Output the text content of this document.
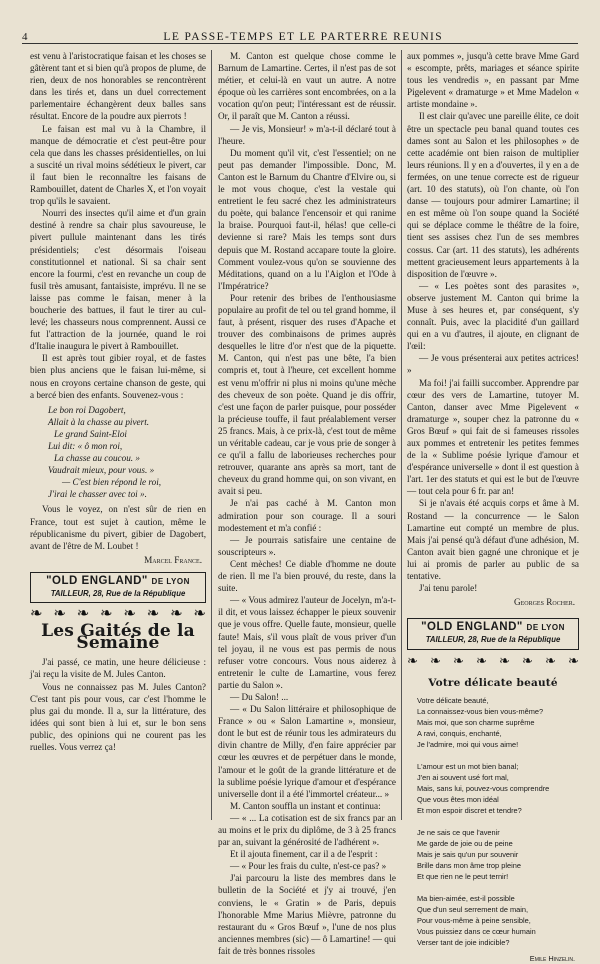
4	LE PASSE-TEMPS ET LE PARTERRE REUNIS

est venu à l'aristocratique faisan et les choses se gâtèrent tant et si bien qu'à propos de plume, de rien, deux de nos honorables se rencontrèrent dans les tirés et, dans un duel correctement parlementaire échangèrent deux balles sans résultat. Encore de la poudre aux pierrots !

Le faisan est mal vu à la Chambre, il manque de démocratie et c'est peut-être pour cela que dans les chasses présidentielles, on lui a suscité un rival moins sédétieux le pivert, car il faut bien le reconnaître les faisans de Rambouillet, datent de Charles X, et l'on voyait trop qu'ils le savaient.

Nourri des insectes qu'il aime et d'un grain destiné à rendre sa chair plus savoureuse, le pivert pullule maintenant dans les tirés présidentiels; c'est désormais l'oiseau constitutionnel et national. Si sa chair sent encore la fourmi, c'est en revanche un coup de fusil très amusant, fantaisiste, imprévu. Il ne se laisse pas comme le faisan, mener à la boucherie des battues, il faut le tirer au cul-levé; les chasseurs nous comprennent. Aussi ce fut l'attraction de la journée, quand le roi d'Italie inaugura le pivert à Rambouillet.

Il est après tout gibier royal, et de fastes bien plus anciens que le faisan lui-même, si nous en croyons certaine chanson de geste, qui a bercé bien des enfants. Souvenez-vous :

Le bon roi Dagobert,
Allait à la chasse au pivert.
Le grand Saint-Eloi
Lui dit: « ô mon roi,
La chasse au coucou. »
Vaudrait mieux, pour vous. »
— C'est bien répond le roi,
J'irai le chasser avec toi ».

Vous le voyez, on n'est sûr de rien en France, tout est sujet à caution, même le républicanisme du pivert, gibier de Dagobert, avant de l'être de M. Loubet !

Marcel France.
"OLD ENGLAND" DE LYON
TAILLEUR, 28, Rue de la République
❧ ❧ ❧ ❧ ❧ ❧ ❧ ❧
Les Gaités de la Semaine

J'ai passé, ce matin, une heure délicieuse : j'ai reçu la visite de M. Jules Canton.

Vous ne connaissez pas M. Jules Canton? C'est tant pis pour vous, car c'est l'homme le plus gai du monde. Il a, sur la littérature, des idées qui sont bien à lui et, sur le bon sens public, des opinions qui ne courent pas les ruelles. Vous verrez ça!

M. Canton est quelque chose comme le Barnum de Lamartine. Certes, il n'est pas de sot métier, et celui-là en vaut un autre. A notre époque où les carrières sont encombrées, on a la vocation qu'on peut; l'intéressant est de réussir. Or, il paraît que M. Canton a réussi.

— Je vis, Monsieur! » m'a-t-il déclaré tout à l'heure.

Du moment qu'il vit, c'est l'essentiel; on ne peut pas demander l'impossible. Donc, M. Canton est le Barnum du Chantre d'Elvire ou, si le mot vous choque, c'est la vestale qui entretient le feu sacré chez les administrateurs du poète, qui balance l'encensoir et qui ranime la braise. Pourquoi faut-il, hélas! que celle-ci devienne si rare? Mais les temps sont durs depuis que M. Rostand accapare toute la gloire. Comment voulez-vous qu'on se souvienne des Méditations, quand on a lu l'Aiglon et l'Ode à l'Impératrice?

Pour retenir des bribes de l'enthousiasme populaire au profit de tel ou tel grand homme, il faut, à présent, risquer des ruses d'Apache et trouver des combinaisons de primes auprès desquelles le litre d'or n'est que de la piquette. M. Canton, qui n'est pas une bête, l'a bien compris et, tout à l'heure, cet excellent homme est venu m'offrir ni plus ni moins qu'une mèche des cheveux de son poète. Quand je dis offrir, c'est une façon de parler puisque, pour posséder la précieuse touffe, il faut préalablement verser 25 francs. Mais, à ce prix-là, c'est tout de même un véritable cadeau, car je vous prie de songer à ce qu'il a fallu de laborieuses recherches pour retrouver, quarante ans après sa mort, tant de cheveux du grand homme qui, on son vivant, en avait si peu.

Je n'ai pas caché à M. Canton mon admiration pour son courage. Il a souri modestement et m'a confié :

— Je pourrais satisfaire une centaine de souscripteurs ».

Cent mèches! Ce diable d'homme ne doute de rien. Il me l'a bien prouvé, du reste, dans la suite.

— « Vous admirez l'auteur de Jocelyn, m'a-t-il dit, et vous laissez échapper le pieux souvenir que je vous offre. Quelle faute, monsieur, quelle faute! Mais, s'il vous plaît de vous priver d'un tel joyau, il ne vous est pas permis de nous refuser votre concours. Vous nous aiderez à entretenir le culte de Lamartine, vous ferez partie du Salon ».

— Du Salon! ...

— « Du Salon littéraire et philosophique de France » ou « Salon Lamartine », monsieur, dont le but est de réunir tous les admirateurs du divin chantre de Milly, d'en faire apprécier par cœur les œuvres et de perpétuer dans le monde, l'amour et le goût de la grande littérature et de la sublime poésie lyrique d'amour et d'espérance universelle dont il a été l'immortel créateur... »

M. Canton souffla un instant et continua:

— « ... La cotisation est de six francs par an au moins et le prix du diplôme, de 3 à 25 francs par an, suivant la générosité de l'adhérent ».

Et il ajouta finement, car il a de l'esprit :

— « Pour les frais du culte, n'est-ce pas? »

J'ai parcouru la liste des membres dans le bulletin de la Société et j'y ai trouvé, j'en conviens, le « Gratin » de Paris, depuis l'honorable Mme Marius Mièvre, patronne du restaurant du « Gros Bœuf », l'une de nos plus anciennes membres (sic) — ô Lamartine! — qui fait de très bonnes rissoles

aux pommes », jusqu'à cette brave Mme Gard « escompte, prêts, mariages et séance spirite tous les vendredis », en passant par Mme Pigelevent « dramaturge » et Mme Madelon « artiste mondaine ».

Il est clair qu'avec une pareille élite, ce doit être un spectacle peu banal quand toutes ces dames sont au Salon et les philosophes » de cette académie ont bien raison de multiplier leurs réunions. Il y en a d'ouvertes, il y en a de fermées, on une tenue correcte est de rigueur (art. 10 des statuts), où l'on chante, où l'on danse — toujours pour admirer Lamartine; il en est même où l'on soupe quand la Société qui se déplace comme le théâtre de la foire, tient ses assises chez l'un de ses membres cossus. Car (art. 11 des statuts), les adhérents mettent gracieusement leurs appartements à la disposition de l'œuvre ».

— « Les poètes sont des parasites », observe justement M. Canton qui brime la Muse à ses heures et, par conséquent, s'y connaît. Puis, avec la placidité d'un gaillard qui en a vu d'autres, il ajoute, en clignant de l'œil:

— Je vous présenterai aux petites actrices! »

Ma foi! j'ai failli succomber. Apprendre par cœur des vers de Lamartine, tutoyer M. Canton, danser avec Mme Pigelevent « dramaturge », souper chez la patronne du « Gros Bœuf » qui fait de si fameuses rissoles aux pommes et entretenir les petites femmes de la « Sublime poésie lyrique d'amour et d'espérance universelle » dont il est question à l'art. 1er des statuts et qui est le but de l'œuvre — tout cela pour 6 fr. par an!

Si je n'avais été acquis corps et âme à M. Rostand — la concurrence — le Salon Lamartine eut compté un membre de plus. Mais j'ai pensé qu'à défaut d'une adhésion, M. Canton avait bien gagné une chronique et je lui ai promis de parler au public de sa tentative.

J'ai tenu parole!

Georges Rocher.
"OLD ENGLAND" DE LYON
TAILLEUR, 28, Rue de la République
❧ ❧ ❧ ❧ ❧ ❧ ❧ ❧
Votre délicate beauté
Votre délicate beauté,
La connaissez-vous bien vous-même?
Mais moi, que son charme suprême
A ravi, conquis, enchanté,
Je l'admire, moi qui vous aime!
L'amour est un mot bien banal;
J'en ai souvent usé fort mal,
Mais, sans lui, pouvez-vous comprendre
Que vous êtes mon idéal
Et mon espoir discret et tendre?
Je ne sais ce que l'avenir
Me garde de joie ou de peine
Mais je sais qu'un pur souvenir
Brille dans mon âme trop pleine
Et que rien ne le peut ternir!
Ma bien-aimée, est-il possible
Que d'un seul serrement de main,
Pour vous-même à peine sensible,
Vous puissiez dans ce cœur humain
Verser tant de joie indicible?
Emile Hinzelin.
